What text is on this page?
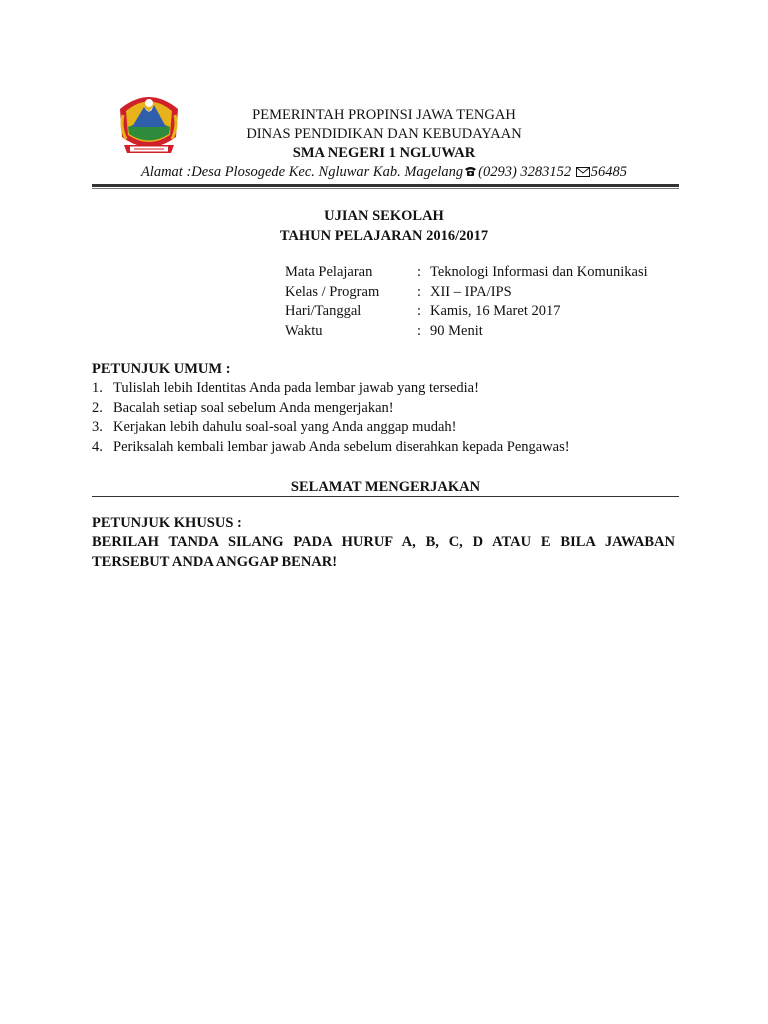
PEMERINTAH PROPINSI JAWA TENGAH
DINAS PENDIDIKAN DAN KEBUDAYAAN
SMA NEGERI 1 NGLUWAR
Alamat :Desa Plosogede Kec. Ngluwar Kab. Magelang (0293) 3283152 56485
UJIAN SEKOLAH
TAHUN PELAJARAN 2016/2017
Mata Pelajaran	: Teknologi Informasi dan Komunikasi
Kelas / Program	: XII – IPA/IPS
Hari/Tanggal	: Kamis, 16 Maret 2017
Waktu	: 90 Menit
PETUNJUK UMUM :
1. Tulislah lebih Identitas Anda pada lembar jawab yang tersedia!
2. Bacalah setiap soal sebelum Anda mengerjakan!
3. Kerjakan lebih dahulu soal-soal yang Anda anggap mudah!
4. Periksalah kembali lembar jawab Anda sebelum diserahkan kepada Pengawas!
SELAMAT MENGERJAKAN
PETUNJUK KHUSUS :
BERILAH TANDA SILANG PADA HURUF A, B, C, D ATAU E BILA JAWABAN TERSEBUT ANDA ANGGAP BENAR!
